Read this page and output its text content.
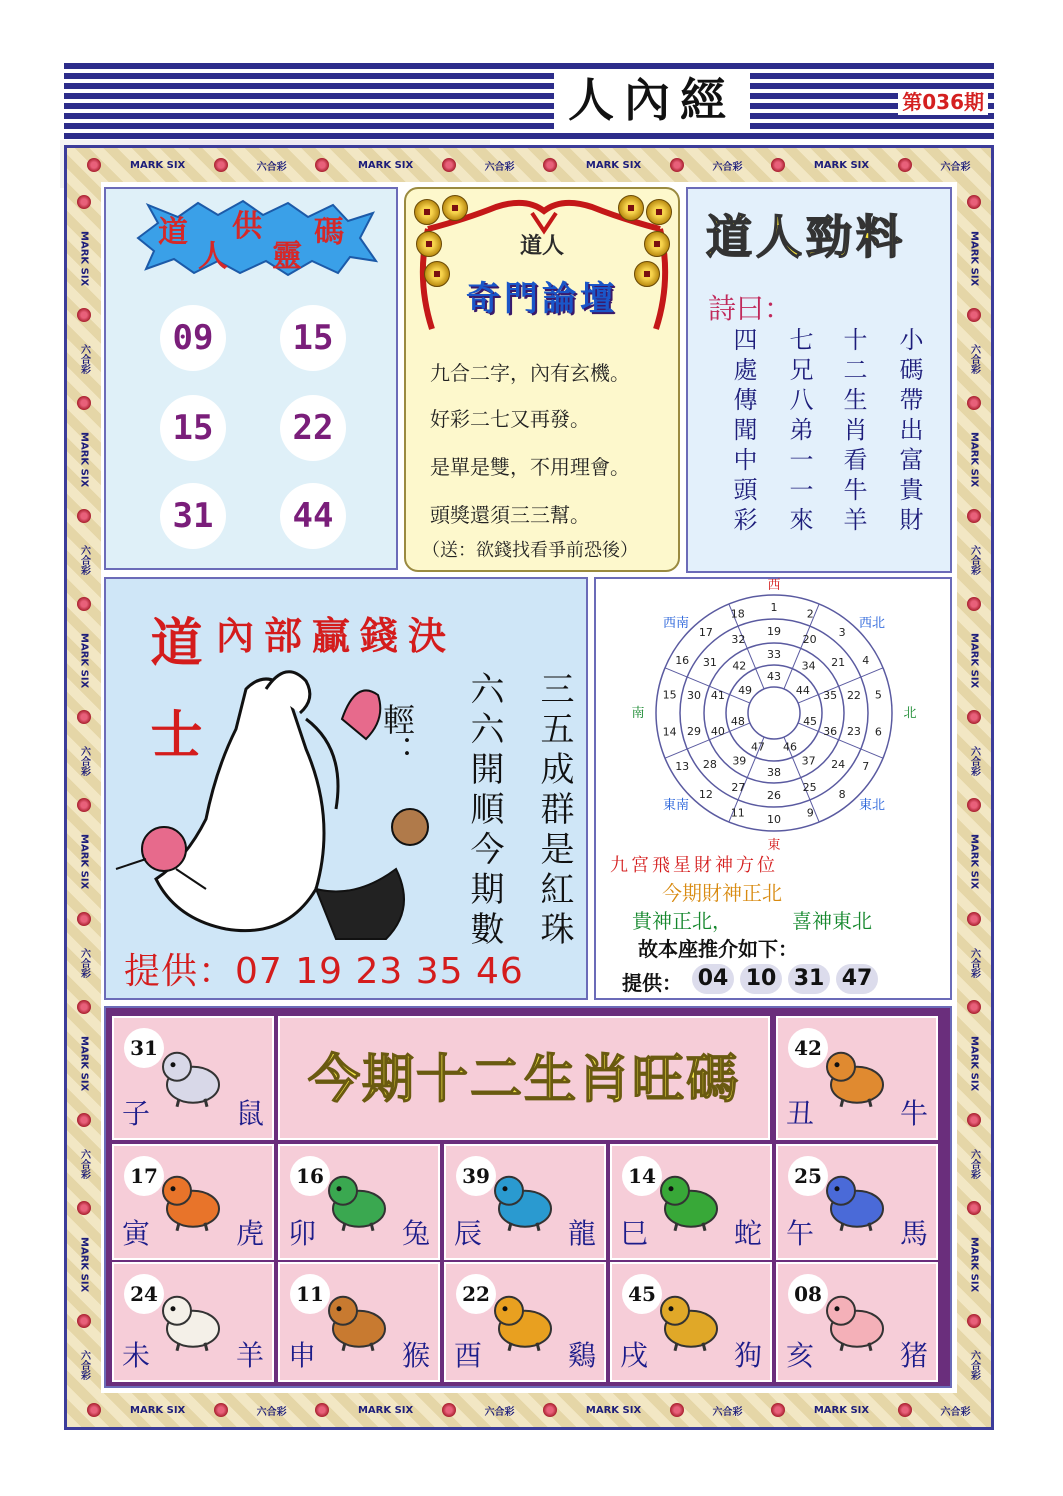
人內經	第036期
MARK SIX	六合彩	MARK SIX	六合彩	MARK SIX	六合彩	MARK SIX	六合彩
MARK SIX	六合彩	MARK SIX	六合彩	MARK SIX	六合彩	MARK SIX	六合彩
MARK SIX
六合彩
MARK SIX
六合彩
MARK SIX
六合彩
MARK SIX
六合彩
MARK SIX
六合彩
MARK SIX
六合彩
MARK SIX
六合彩
MARK SIX
六合彩
MARK SIX
六合彩
MARK SIX
六合彩
MARK SIX
六合彩
MARK SIX
六合彩
道
人
供
靈
碼
09	15
15	22
31	44
道人
奇門論壇
九合二字，內有玄機。
好彩二七又再發。
是單是雙，不用理會。
頭獎還須三三幫。
（送：欲錢找看爭前恐後）
道人勁料
詩曰：
小碼帶出富貴財
十二生肖看牛羊
七兄八弟一一來
四處傳聞中頭彩
內部贏錢決
道士	輕：	三五成群是紅珠
六六開順今期數
提供：07 19 23 35 46
1	2
3
4
5
6
7
8
9
10
11
12
13
14
15
16
17
18
19
20
21
22
23
24
25
26
27
28
29
30
31
32
33
34
35
36
37
38
39
40
41
42
43
44
45
46
47
48
49
西
東
南	北
西南	西北
東南	東北
九宮飛星財神方位
今期財神正北
貴神正北，	喜神東北
故本座推介如下：
提供： 04 10 31 47
今期十二生肖旺碼
31
子	鼠
42
丑	牛
17
寅	虎
16
卯	兔
39
辰	龍
14
巳	蛇
25
午	馬
24
未	羊
11
申	猴
22
酉	鷄
45
戌	狗
08
亥	猪
